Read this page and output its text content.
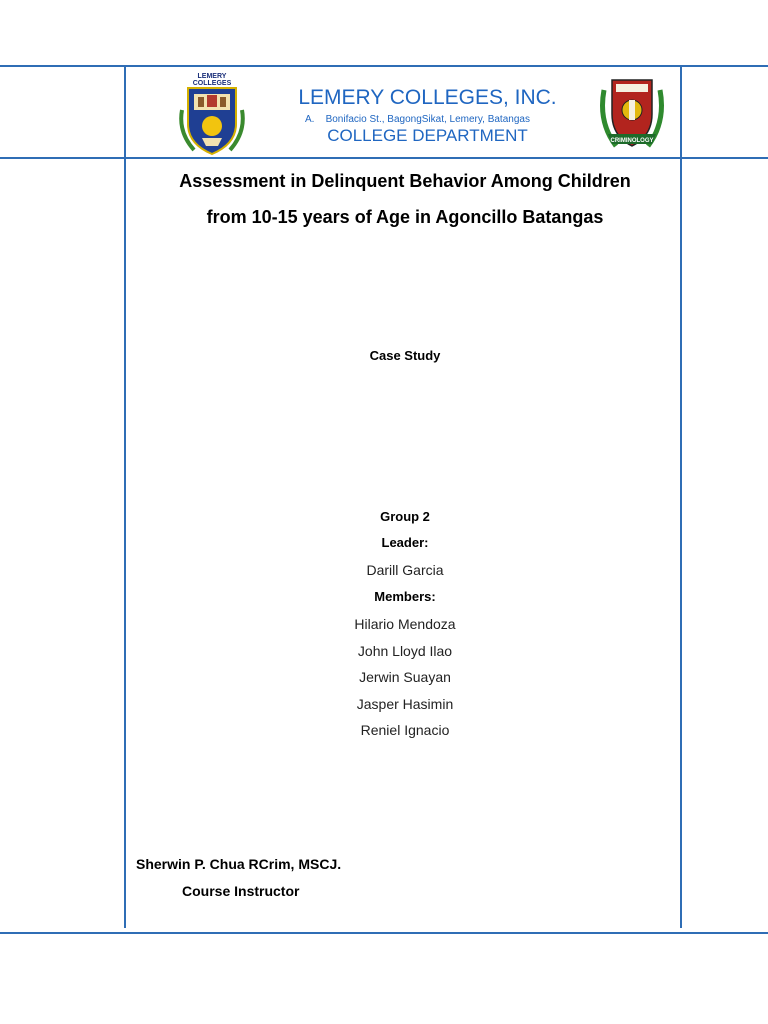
LEMERY
COLLEGES
LEMERY COLLEGES, INC.
A. Bonifacio St., BagongSikat, Lemery, Batangas
COLLEGE DEPARTMENT	CRIMINOLOGY
Assessment in Delinquent Behavior Among Children
from 10-15 years of Age in Agoncillo Batangas
Case Study
Group 2
Leader:
Darill Garcia
Members:
Hilario Mendoza
John Lloyd Ilao
Jerwin Suayan
Jasper Hasimin
Reniel Ignacio
Sherwin P. Chua RCrim, MSCJ.
Course Instructor
